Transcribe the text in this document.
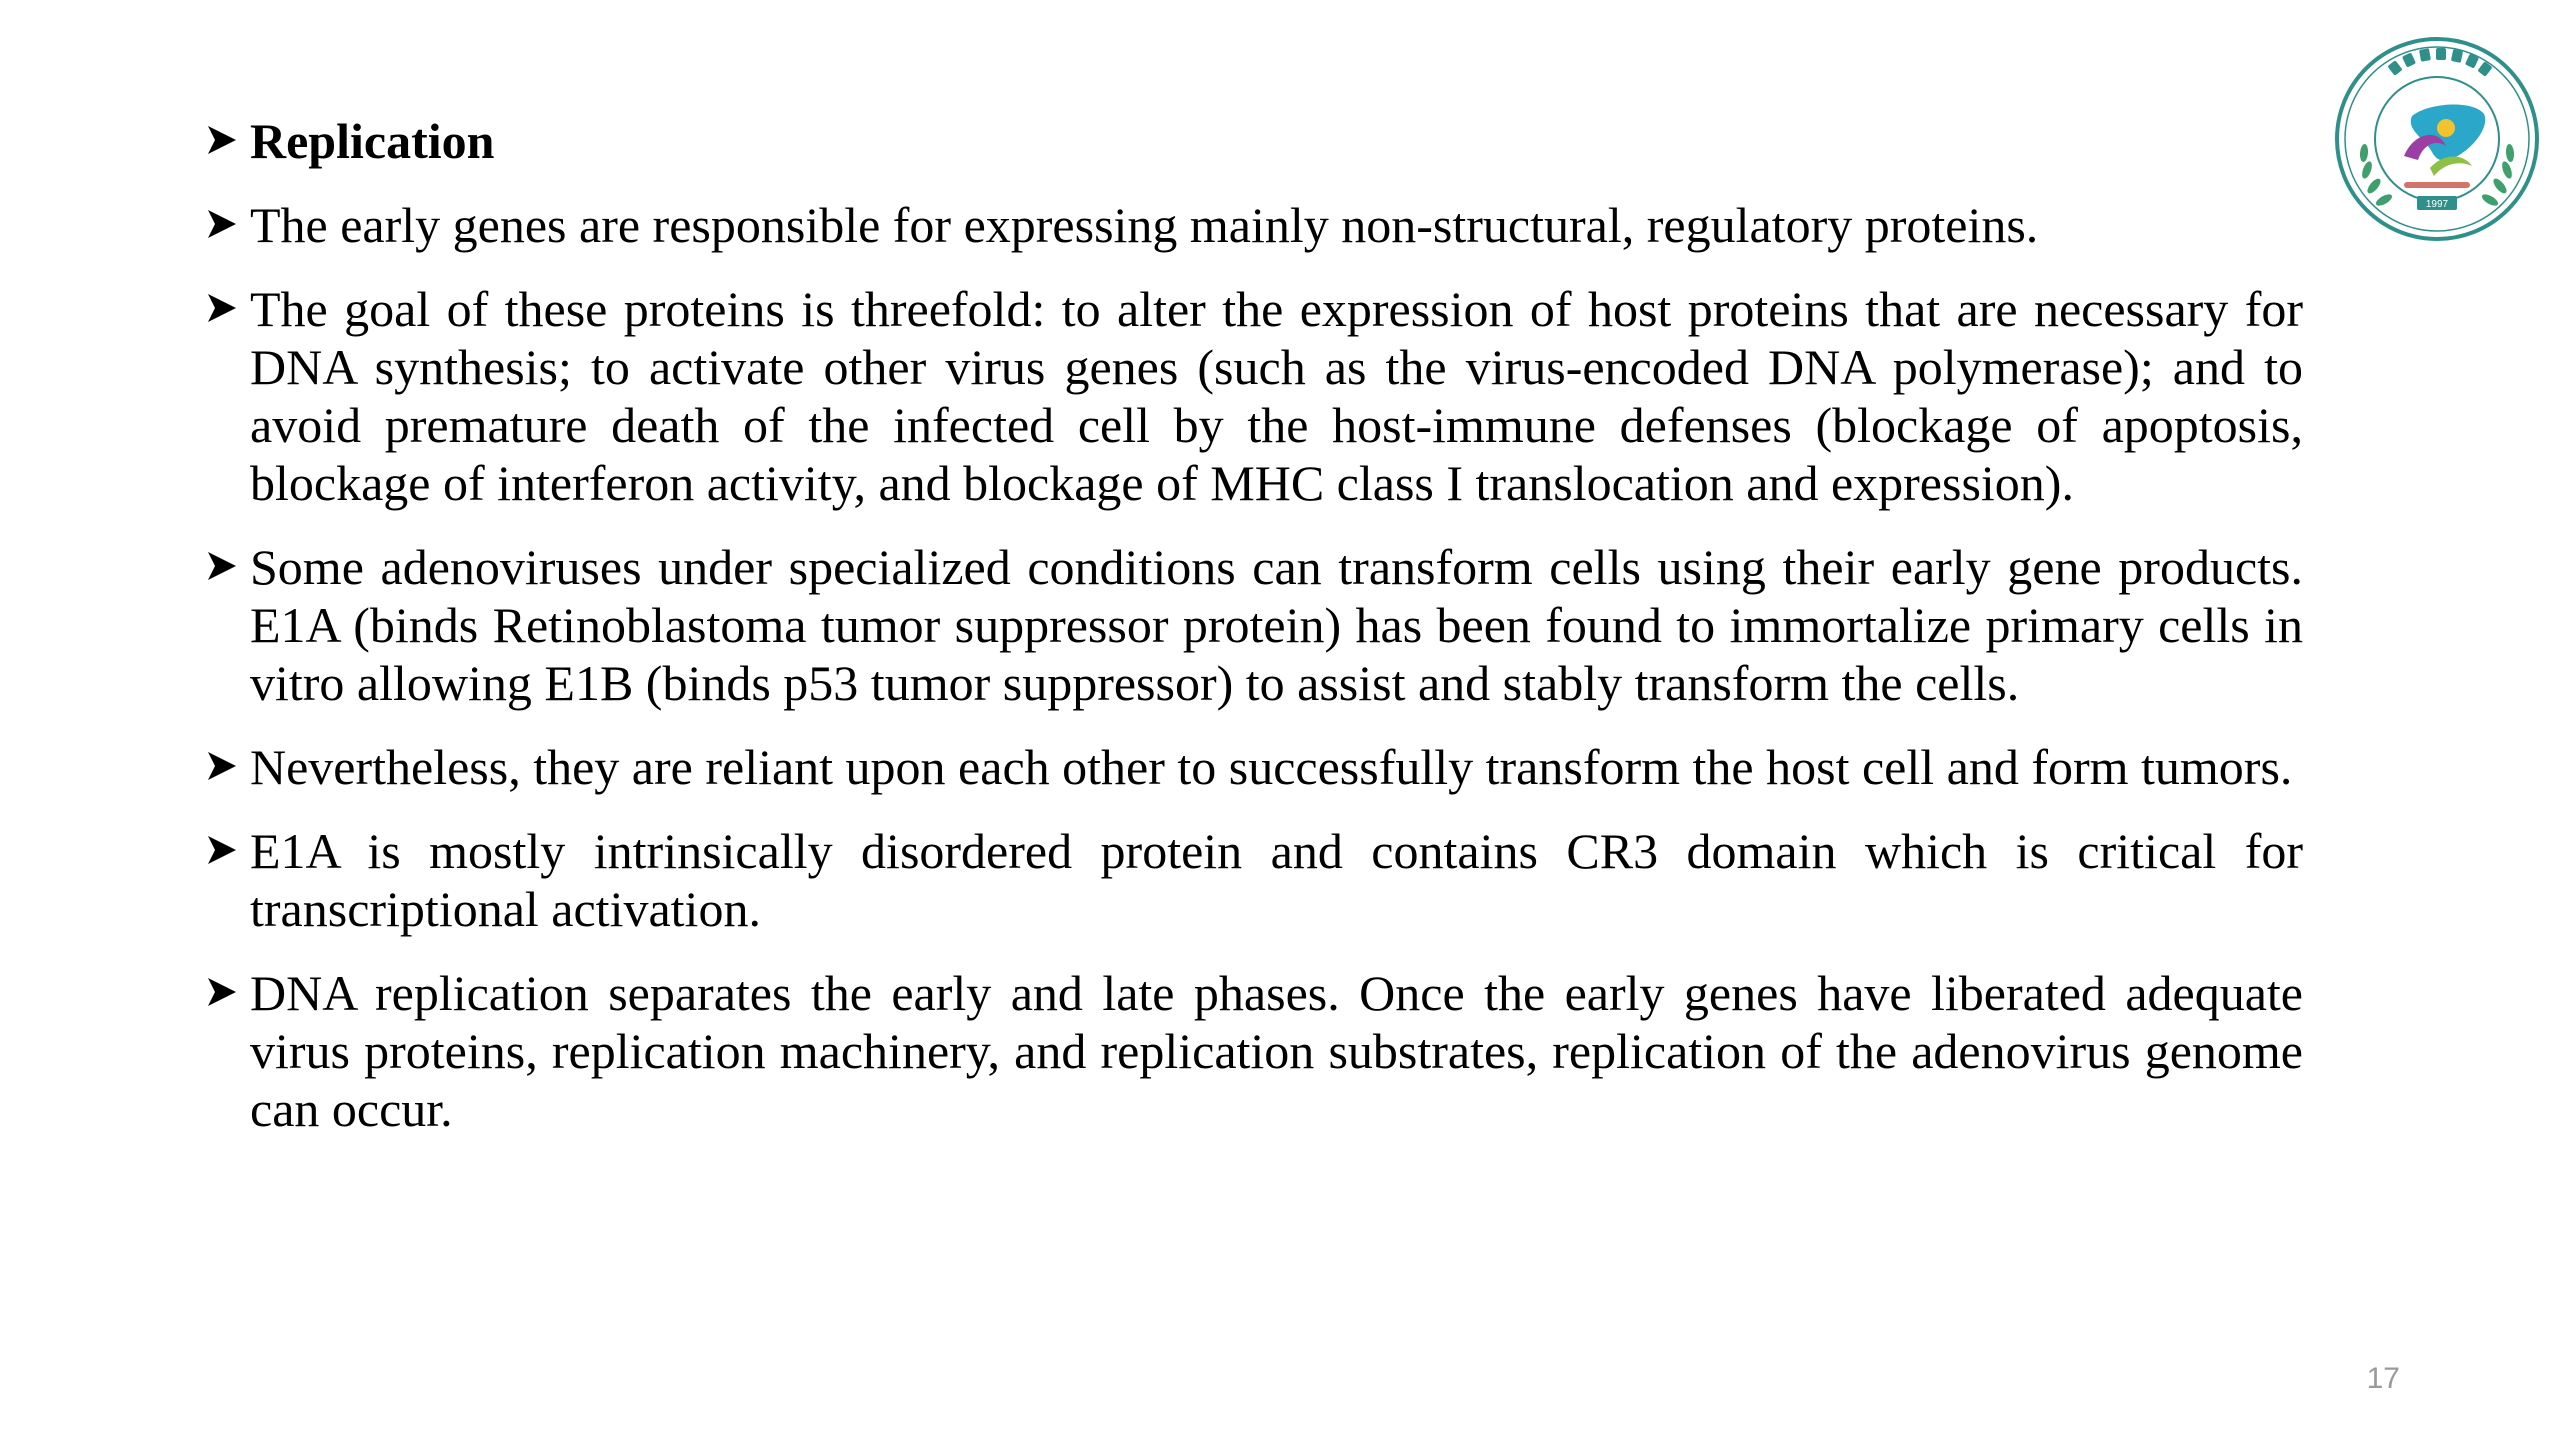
Replication
The early genes are responsible for expressing mainly non-structural, regulatory proteins.
The goal of these proteins is threefold: to alter the expression of host proteins that are necessary for DNA synthesis; to activate other virus genes (such as the virus-encoded DNA polymerase); and to avoid premature death of the infected cell by the host-immune defenses (blockage of apoptosis, blockage of interferon activity, and blockage of MHC class I translocation and expression).
Some adenoviruses under specialized conditions can transform cells using their early gene products. E1A (binds Retinoblastoma tumor suppressor protein) has been found to immortalize primary cells in vitro allowing E1B (binds p53 tumor suppressor) to assist and stably transform the cells.
Nevertheless, they are reliant upon each other to successfully transform the host cell and form tumors.
E1A is mostly intrinsically disordered protein and contains CR3 domain which is critical for transcriptional activation.
DNA replication separates the early and late phases. Once the early genes have liberated adequate virus proteins, replication machinery, and replication substrates, replication of the adenovirus genome can occur.
1997
17
